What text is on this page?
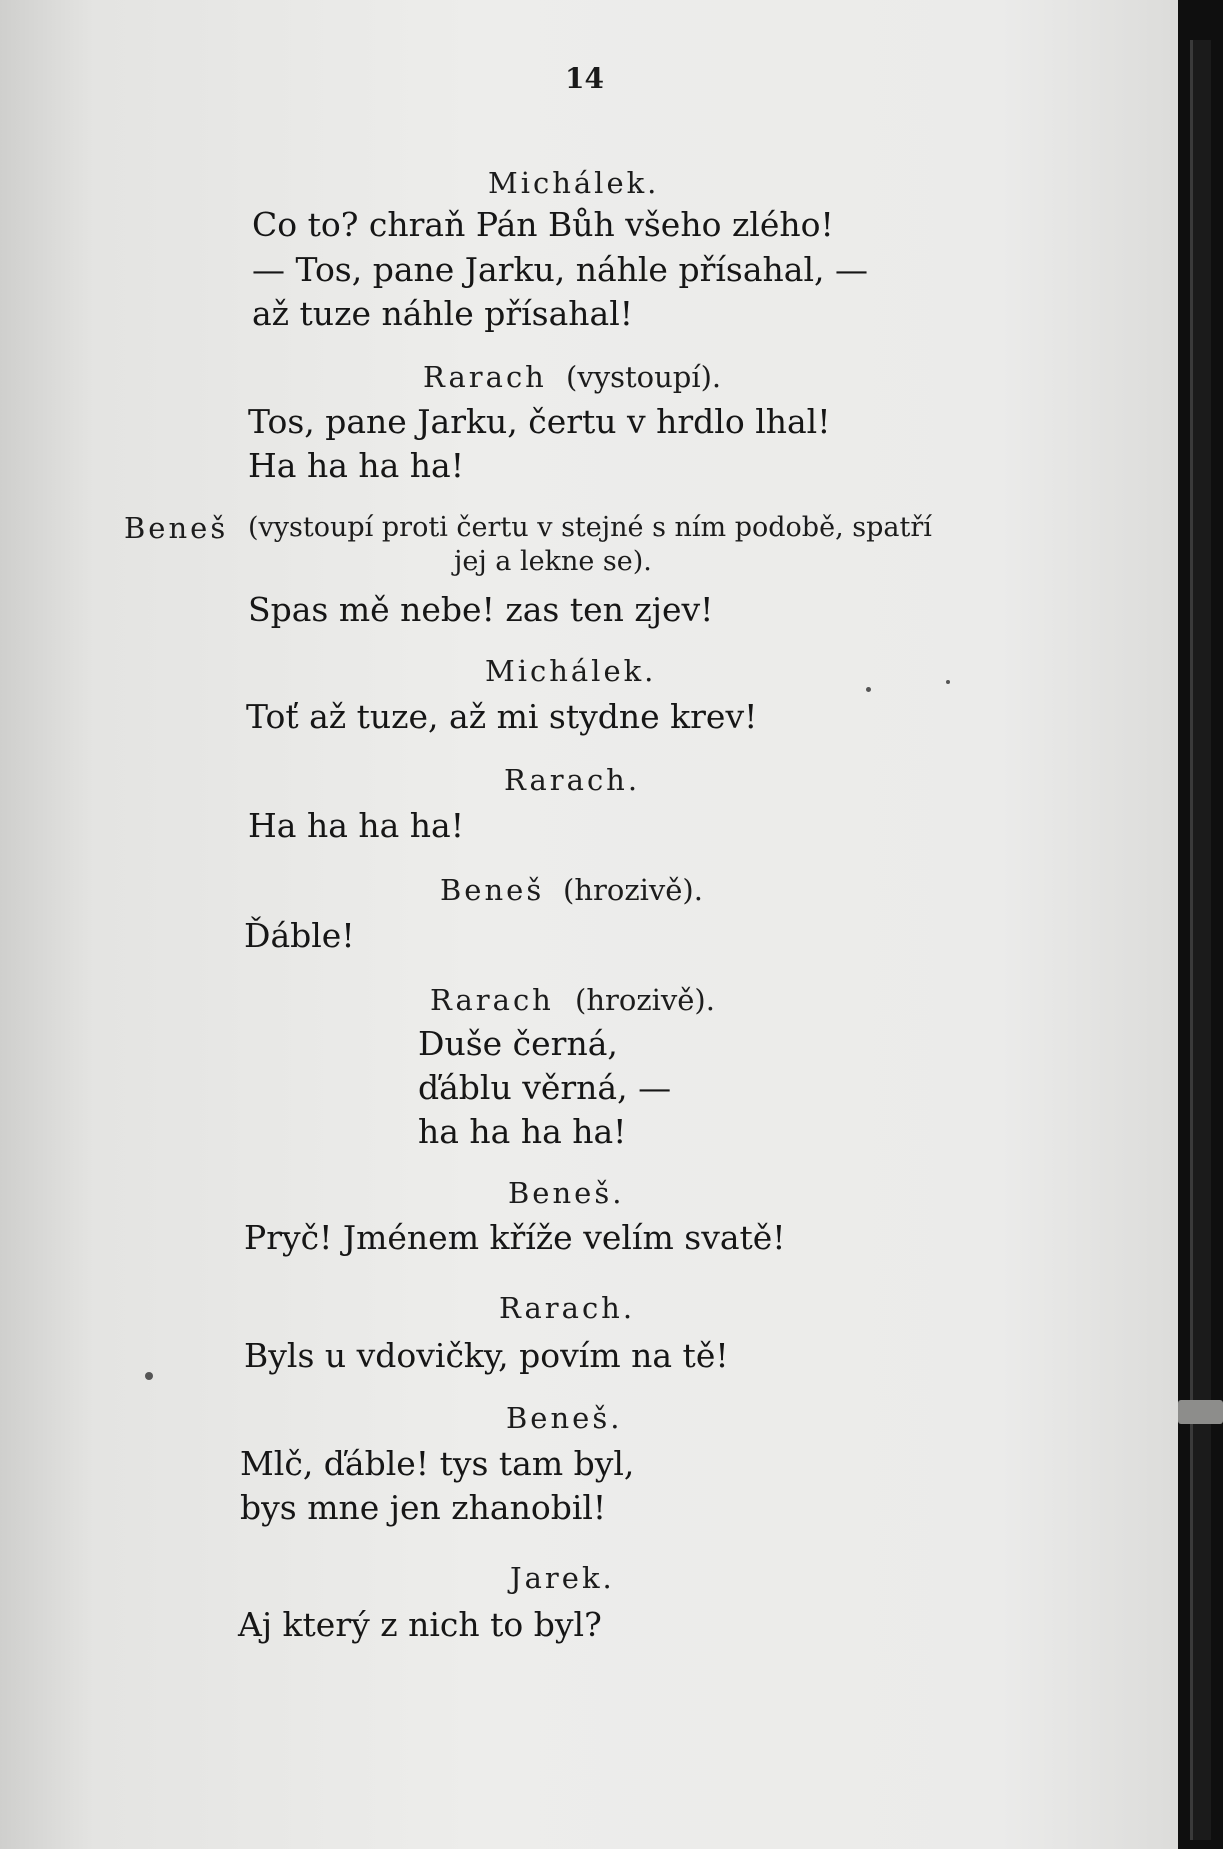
14
Michálek.
Co to? chraň Pán Bůh všeho zlého!
— Tos, pane Jarku, náhle přísahal, —
až tuze náhle přísahal!
Rarach (vystoupí).
Tos, pane Jarku, čertu v hrdlo lhal!
Ha ha ha ha!
Beneš (vystoupí proti čertu v stejné s ním podobě, spatří
jej a lekne se).
Spas mě nebe! zas ten zjev!
Michálek.
Toť až tuze, až mi stydne krev!
Rarach.
Ha ha ha ha!
Beneš (hrozivě).
Ďáble!
Rarach (hrozivě).
Duše černá,
ďáblu věrná, —
ha ha ha ha!
Beneš.
Pryč! Jménem kříže velím svatě!
Rarach.
Byls u vdovičky, povím na tě!
Beneš.
Mlč, ďáble! tys tam byl,
bys mne jen zhanobil!
Jarek.
Aj který z nich to byl?
